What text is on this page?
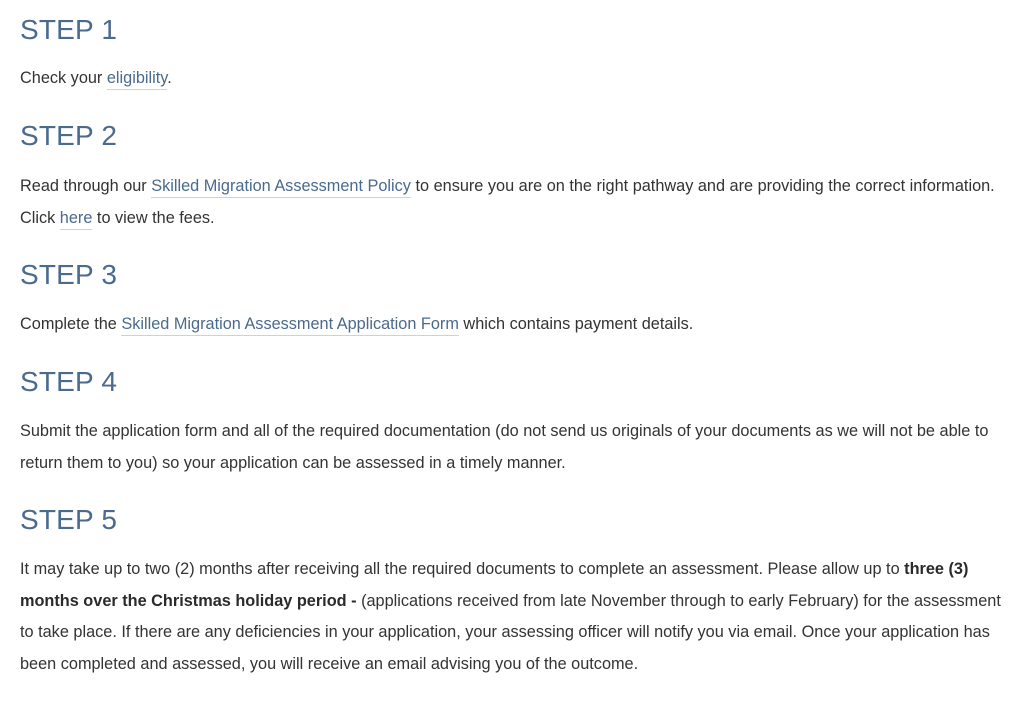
STEP 1

Check your eligibility.

STEP 2

Read through our Skilled Migration Assessment Policy to ensure you are on the right pathway and are providing the correct information.  Click here to view the fees.

STEP 3

Complete the Skilled Migration Assessment Application Form which contains payment details.

STEP 4

Submit the application form and all of the required documentation (do not send us originals of your documents as we will not be able to return them to you) so your application can be assessed in a timely manner.

STEP 5

It may take up to two (2) months after receiving all the required documents to complete an assessment. Please allow up to three (3) months over the Christmas holiday period - (applications received from late November through to early February) for the assessment to take place. If there are any deficiencies in your application, your assessing officer will notify you via email. Once your application has been completed and assessed, you will receive an email advising you of the outcome.
